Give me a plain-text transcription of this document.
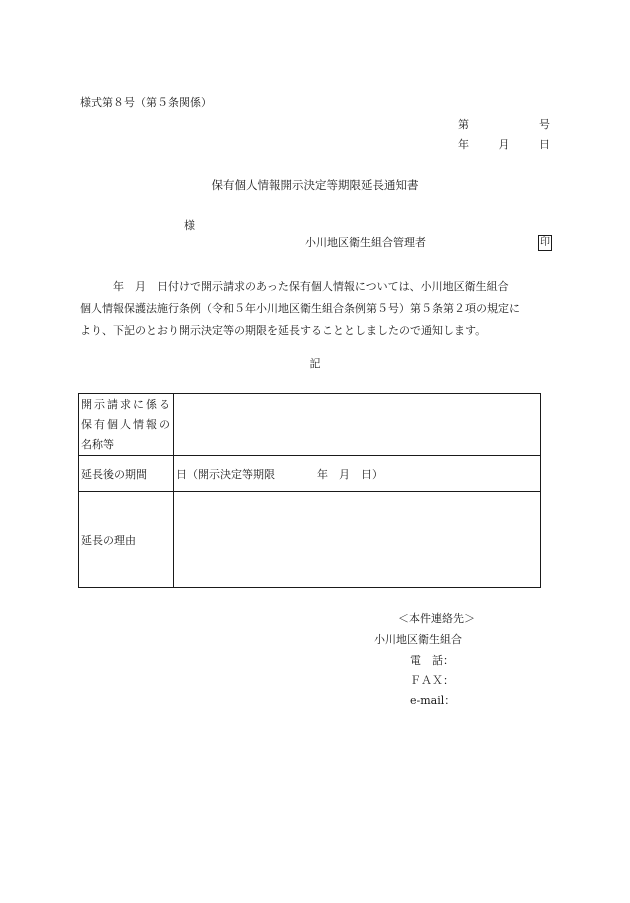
様式第８号（第５条関係）
第	号
年	月	日
保有個人情報開示決定等期限延長通知書
様
小川地区衛生組合管理者	印
　　　年　月　日付けで開示請求のあった保有個人情報については、小川地区衛生組合
個人情報保護法施行条例（令和５年小川地区衛生組合条例第５号）第５条第２項の規定に
より、下記のとおり開示決定等の期限を延長することとしましたので通知します。
記
開示請求に係る
保有個人情報の
名称等	

延長後の期間	日（開示決定等期限 年　月　日）

延長の理由	
＜本件連絡先＞
小川地区衛生組合
電　話：
ＦＡＸ：
e-mail：
